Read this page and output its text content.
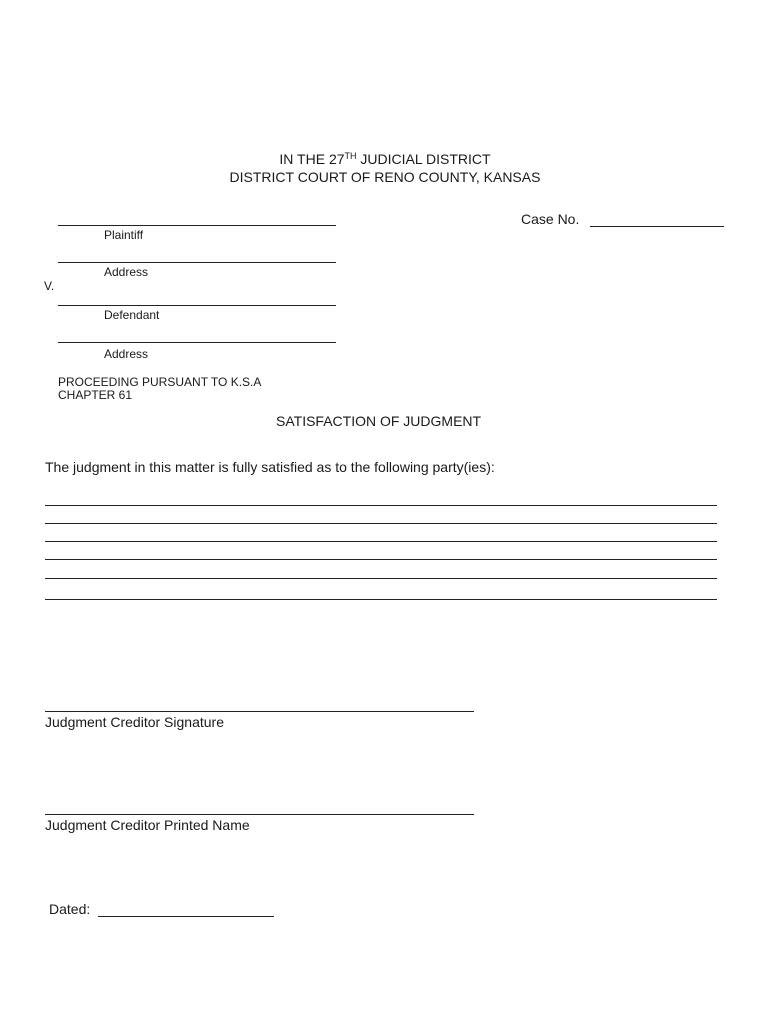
IN THE 27TH JUDICIAL DISTRICT
DISTRICT COURT OF RENO COUNTY, KANSAS
Case No.
Plaintiff
Address
V.
Defendant
Address
PROCEEDING PURSUANT TO K.S.A
CHAPTER 61
SATISFACTION OF JUDGMENT
The judgment in this matter is fully satisfied as to the following party(ies):
Judgment Creditor Signature
Judgment Creditor Printed Name
Dated:
